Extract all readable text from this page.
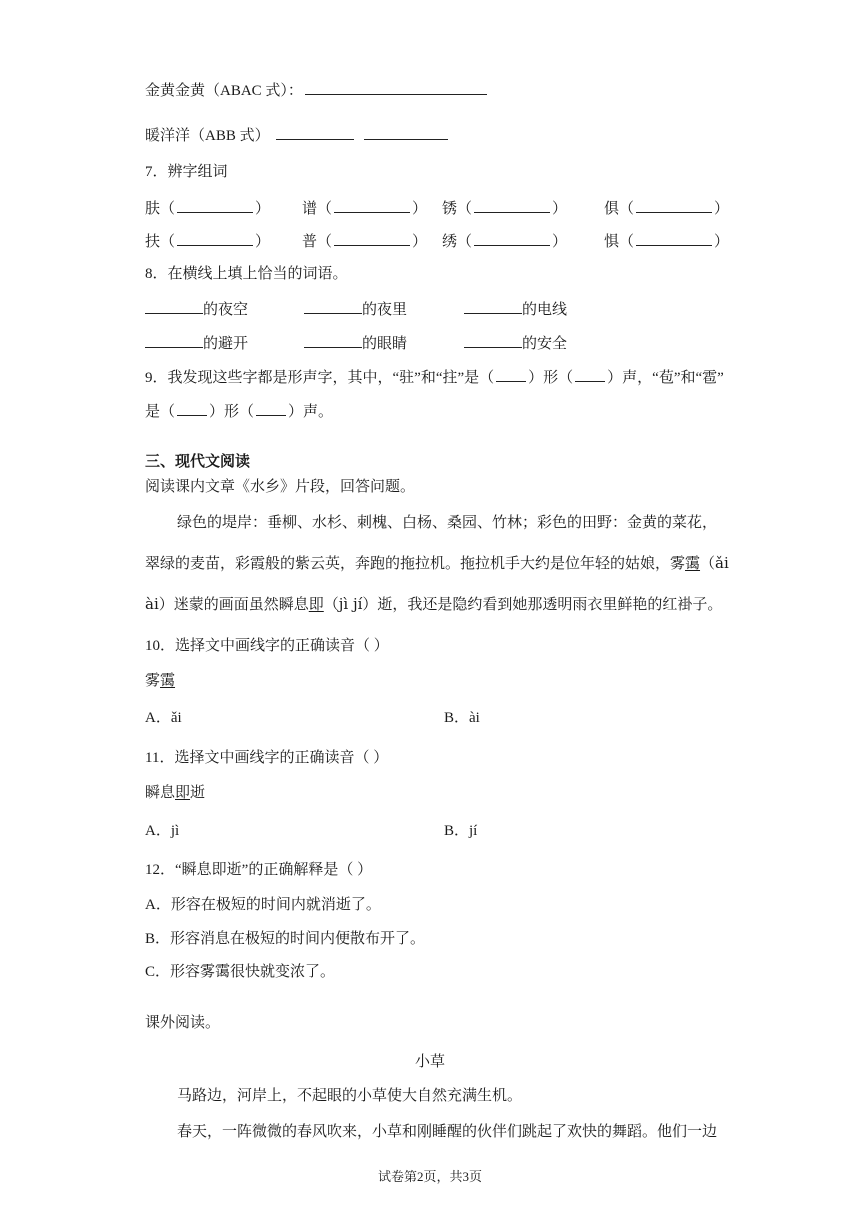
金黄金黄（ABAC 式）：
暖洋洋（ABB 式）
7．辨字组词
肤（	） 谱（	） 锈（	） 俱（	）
扶（	） 普（	） 绣（	） 惧（	）
8．在横线上填上恰当的词语。
的夜空	的夜里	的电线
的避开	的眼睛	的安全
9．我发现这些字都是形声字，其中，“驻”和“拄”是（ ）形（ ）声，“苞”和“雹”
是（ ）形（ ）声。
三、现代文阅读
阅读课内文章《水乡》片段，回答问题。
绿色的堤岸：垂柳、水杉、刺槐、白杨、桑园、竹林；彩色的田野：金黄的菜花，
翠绿的麦苗，彩霞般的紫云英，奔跑的拖拉机。拖拉机手大约是位年轻的姑娘，雾霭（ǎi
ài）迷蒙的画面虽然瞬息即（jì jí）逝，我还是隐约看到她那透明雨衣里鲜艳的红褂子。
10．选择文中画线字的正确读音（ ）
雾霭
A．ǎi	B．ài
11．选择文中画线字的正确读音（ ）
瞬息即逝
A．jì	B．jí
12．“瞬息即逝”的正确解释是（ ）
A．形容在极短的时间内就消逝了。
B．形容消息在极短的时间内便散布开了。
C．形容雾霭很快就变浓了。
课外阅读。
小草
马路边，河岸上，不起眼的小草使大自然充满生机。
春天，一阵微微的春风吹来，小草和刚睡醒的伙伴们跳起了欢快的舞蹈。他们一边
试卷第2页，共3页
